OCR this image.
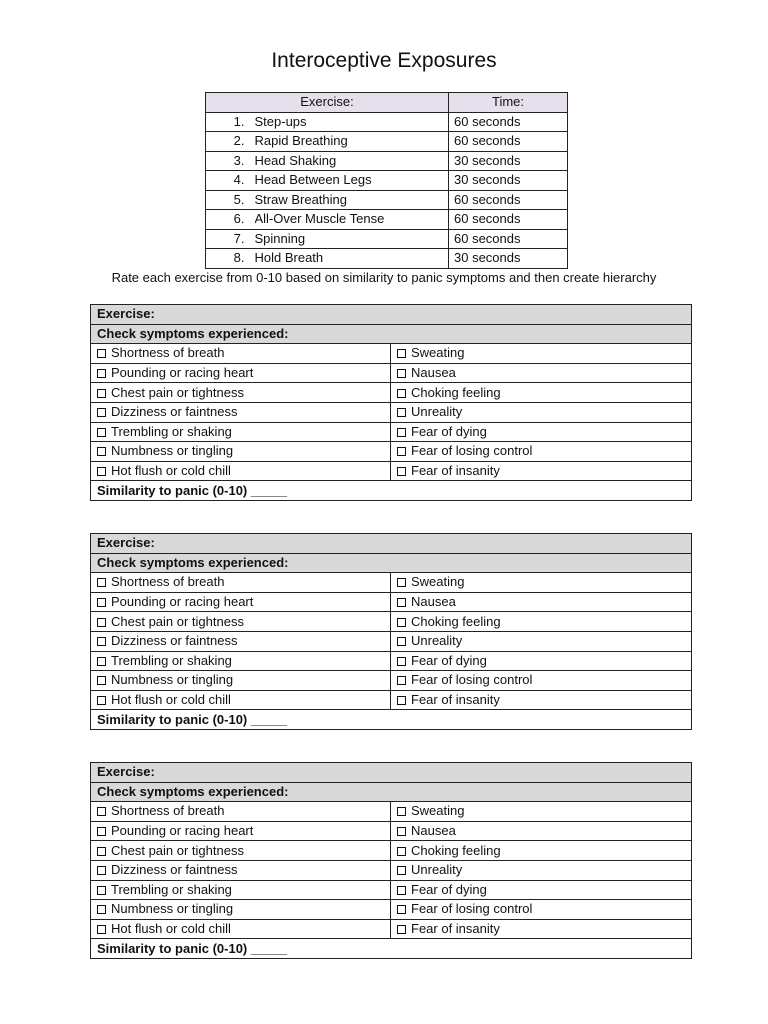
Interoceptive Exposures
Exercise:		Time:
1.	Step-ups	60 seconds
2.	Rapid Breathing	60 seconds
3.	Head Shaking	30 seconds
4.	Head Between Legs	30 seconds
5.	Straw Breathing	60 seconds
6.	All-Over Muscle Tense	60 seconds
7.	Spinning	60 seconds
8.	Hold Breath	30 seconds
Rate each exercise from 0-10 based on similarity to panic symptoms and then create hierarchy
Exercise:	
Check symptoms experienced:	
Shortness of breath	Sweating
Pounding or racing heart	Nausea
Chest pain or tightness	Choking feeling
Dizziness or faintness	Unreality
Trembling or shaking	Fear of dying
Numbness or tingling	Fear of losing control
Hot flush or cold chill	Fear of insanity
Similarity to panic (0-10) _____	
Exercise:	
Check symptoms experienced:	
Shortness of breath	Sweating
Pounding or racing heart	Nausea
Chest pain or tightness	Choking feeling
Dizziness or faintness	Unreality
Trembling or shaking	Fear of dying
Numbness or tingling	Fear of losing control
Hot flush or cold chill	Fear of insanity
Similarity to panic (0-10) _____	
Exercise:	
Check symptoms experienced:	
Shortness of breath	Sweating
Pounding or racing heart	Nausea
Chest pain or tightness	Choking feeling
Dizziness or faintness	Unreality
Trembling or shaking	Fear of dying
Numbness or tingling	Fear of losing control
Hot flush or cold chill	Fear of insanity
Similarity to panic (0-10) _____	
